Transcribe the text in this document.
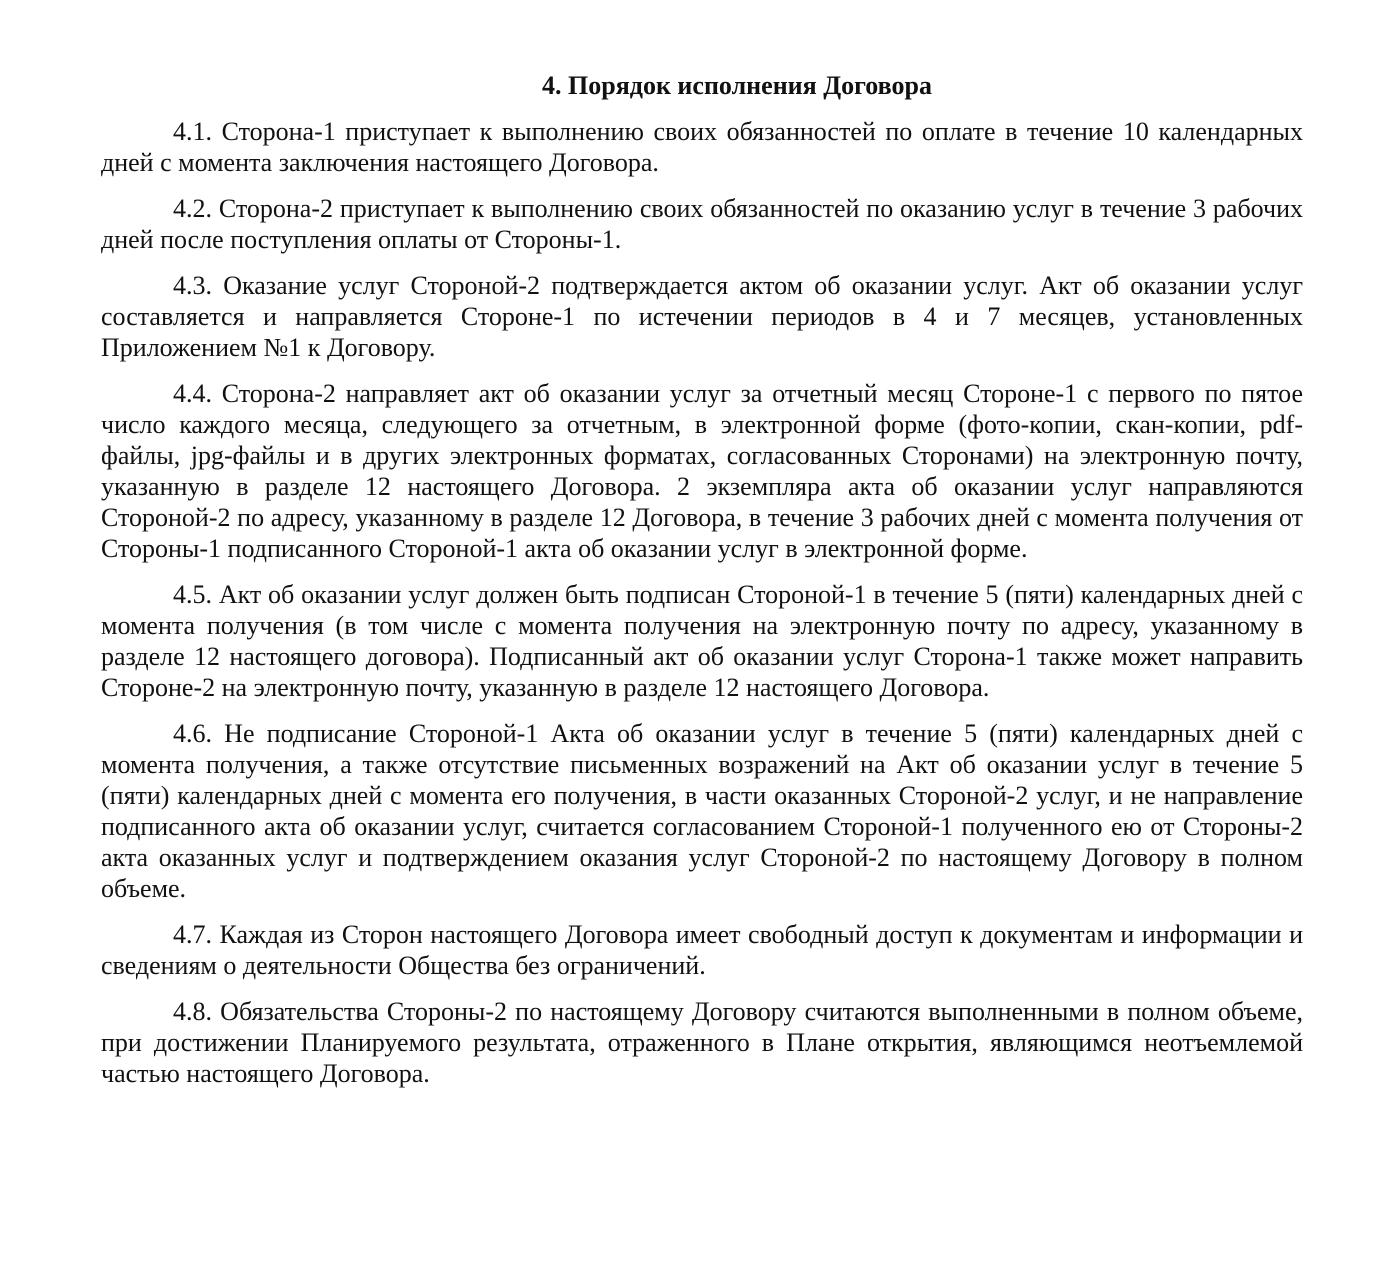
4. Порядок исполнения Договора

4.1. Сторона-1 приступает к выполнению своих обязанностей по оплате в течение 10 календарных дней с момента заключения настоящего Договора.

4.2. Сторона-2 приступает к выполнению своих обязанностей по оказанию услуг в течение 3 рабочих дней после поступления оплаты от Стороны-1.

4.3. Оказание услуг Стороной-2 подтверждается актом об оказании услуг. Акт об оказании услуг составляется и направляется Стороне-1 по истечении периодов в 4 и 7 месяцев, установленных Приложением №1 к Договору.

4.4. Сторона-2 направляет акт об оказании услуг за отчетный месяц Стороне-1 с первого по пятое число каждого месяца, следующего за отчетным, в электронной форме (фото-копии, скан-копии, pdf-файлы, jpg-файлы и в других электронных форматах, согласованных Сторонами) на электронную почту, указанную в разделе 12 настоящего Договора. 2 экземпляра акта об оказании услуг направляются Стороной-2 по адресу, указанному в разделе 12 Договора, в течение 3 рабочих дней с момента получения от Стороны-1 подписанного Стороной-1 акта об оказании услуг в электронной форме.

4.5. Акт об оказании услуг должен быть подписан Стороной-1 в течение 5 (пяти) календарных дней с момента получения (в том числе с момента получения на электронную почту по адресу, указанному в разделе 12 настоящего договора). Подписанный акт об оказании услуг Сторона-1 также может направить Стороне-2 на электронную почту, указанную в разделе 12 настоящего Договора.

4.6. Не подписание Стороной-1 Акта об оказании услуг в течение 5 (пяти) календарных дней с момента получения, а также отсутствие письменных возражений на Акт об оказании услуг в течение 5 (пяти) календарных дней с момента его получения, в части оказанных Стороной-2 услуг, и не направление подписанного акта об оказании услуг, считается согласованием Стороной-1 полученного ею от Стороны-2 акта оказанных услуг и подтверждением оказания услуг Стороной-2 по настоящему Договору в полном объеме.

4.7. Каждая из Сторон настоящего Договора имеет свободный доступ к документам и информации и сведениям о деятельности Общества без ограничений.

4.8. Обязательства Стороны-2 по настоящему Договору считаются выполненными в полном объеме, при достижении Планируемого результата, отраженного в Плане открытия, являющимся неотъемлемой частью настоящего Договора.
